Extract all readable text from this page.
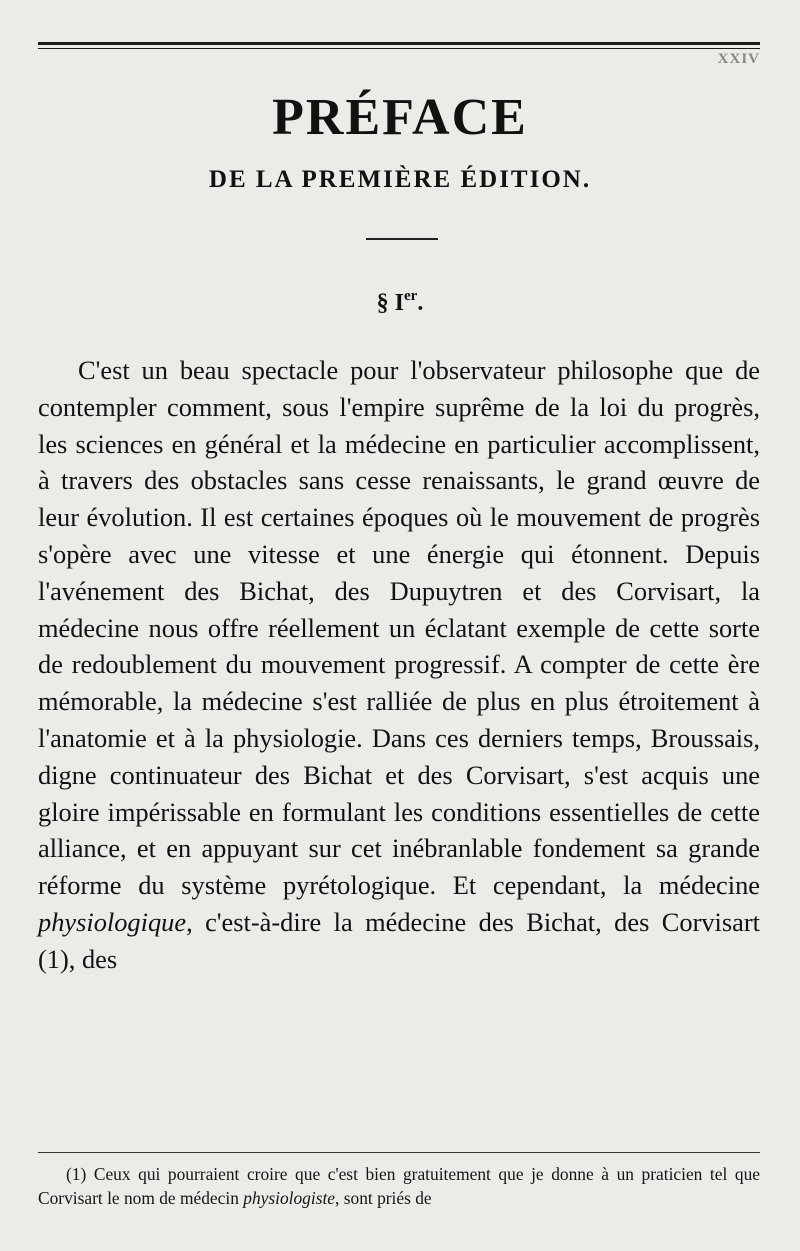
XXIV
PRÉFACE
DE LA PREMIÈRE ÉDITION.
§ Ier.

C'est un beau spectacle pour l'observateur philosophe que de contempler comment, sous l'empire suprême de la loi du progrès, les sciences en général et la médecine en particulier accomplissent, à travers des obstacles sans cesse renaissants, le grand œuvre de leur évolution. Il est certaines époques où le mouvement de progrès s'opère avec une vitesse et une énergie qui étonnent. Depuis l'avénement des Bichat, des Dupuytren et des Corvisart, la médecine nous offre réellement un éclatant exemple de cette sorte de redoublement du mouvement progressif. A compter de cette ère mémorable, la médecine s'est ralliée de plus en plus étroitement à l'anatomie et à la physiologie. Dans ces derniers temps, Broussais, digne continuateur des Bichat et des Corvisart, s'est acquis une gloire impérissable en formulant les conditions essentielles de cette alliance, et en appuyant sur cet inébranlable fondement sa grande réforme du système pyrétologique. Et cependant, la médecine physiologique, c'est-à-dire la médecine des Bichat, des Corvisart (1), des

(1) Ceux qui pourraient croire que c'est bien gratuitement que je donne à un praticien tel que Corvisart le nom de médecin physiologiste, sont priés de
